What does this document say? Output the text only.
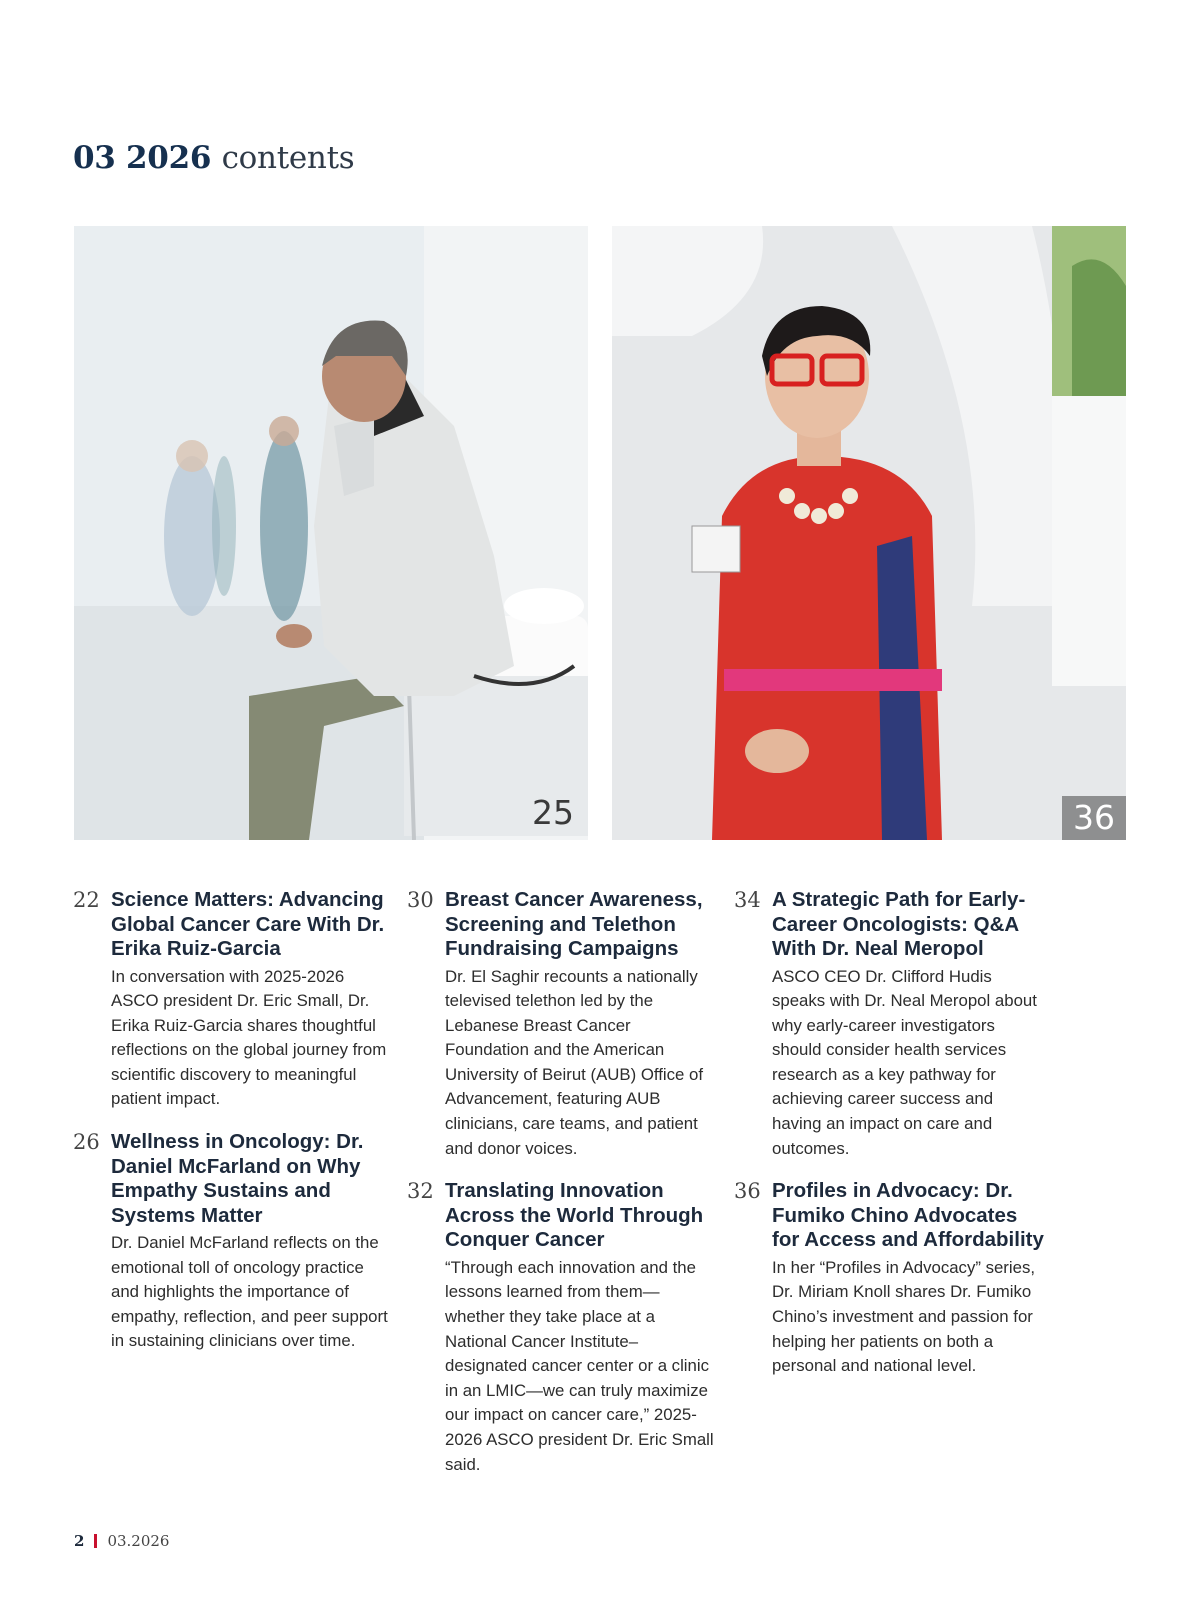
03 2026 contents
25	36
22 Science Matters: Advancing Global Cancer Care With Dr. Erika Ruiz-Garcia
In conversation with 2025-2026 ASCO president Dr. Eric Small, Dr. Erika Ruiz-Garcia shares thoughtful reflections on the global journey from scientific discovery to meaningful patient impact.
26 Wellness in Oncology: Dr. Daniel McFarland on Why Empathy Sustains and Systems Matter
Dr. Daniel McFarland reflects on the emotional toll of oncology practice and highlights the importance of empathy, reflection, and peer support in sustaining clinicians over time.
30 Breast Cancer Awareness, Screening and Telethon Fundraising Campaigns
Dr. El Saghir recounts a nationally televised telethon led by the Lebanese Breast Cancer Foundation and the American University of Beirut (AUB) Office of Advancement, featuring AUB clinicians, care teams, and patient and donor voices.
32 Translating Innovation Across the World Through Conquer Cancer
“Through each innovation and the lessons learned from them—whether they take place at a National Cancer Institute–designated cancer center or a clinic in an LMIC—we can truly maximize our impact on cancer care,” 2025-2026 ASCO president Dr. Eric Small said.
34 A Strategic Path for Early-Career Oncologists: Q&A With Dr. Neal Meropol
ASCO CEO Dr. Clifford Hudis speaks with Dr. Neal Meropol about why early-career investigators should consider health services research as a key pathway for achieving career success and having an impact on care and outcomes.
36 Profiles in Advocacy: Dr. Fumiko Chino Advocates for Access and Affordability
In her “Profiles in Advocacy” series, Dr. Miriam Knoll shares Dr. Fumiko Chino’s investment and passion for helping her patients on both a personal and national level.
2 03.2026
